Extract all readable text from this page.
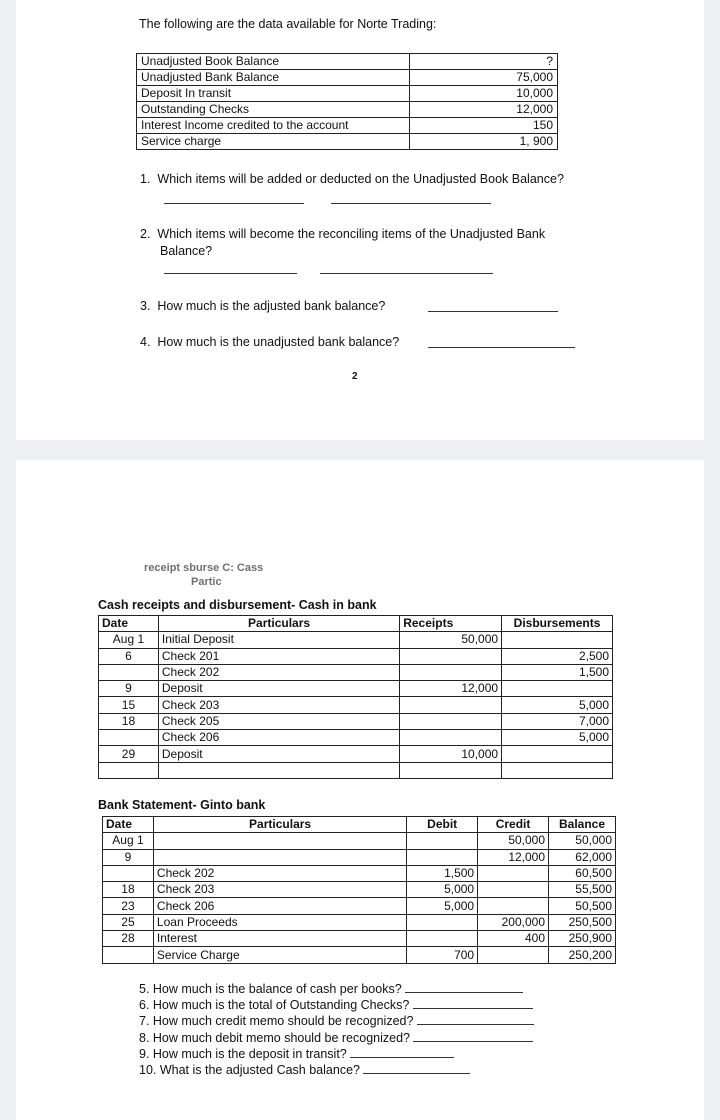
The following are the data available for Norte Trading:
Unadjusted Book Balance	?
Unadjusted Bank Balance	75,000
Deposit In transit	10,000
Outstanding Checks	12,000
Interest Income credited to the account	150
Service charge	1, 900
1. Which items will be added or deducted on the Unadjusted Book Balance?
2. Which items will become the reconciling items of the Unadjusted Bank
Balance?
3. How much is the adjusted bank balance?
4. How much is the unadjusted bank balance?
2
receipt sburse C: Cass
Partic
Cash receipts and disbursement- Cash in bank
Date	Particulars	Receipts	Disbursements
Aug 1	Initial Deposit	50,000	
6	Check 201		2,500
	Check 202		1,500
9	Deposit	12,000	
15	Check 203		5,000
18	Check 205		7,000
	Check 206		5,000
29	Deposit	10,000	

Bank Statement- Ginto bank
Date	Particulars	Debit	Credit	Balance
Aug 1			50,000	50,000
9			12,000	62,000
	Check 202	1,500		60,500
18	Check 203	5,000		55,500
23	Check 206	5,000		50,500
25	Loan Proceeds		200,000	250,500
28	Interest		400	250,900
	Service Charge	700		250,200
5. How much is the balance of cash per books?
6. How much is the total of Outstanding Checks?
7. How much credit memo should be recognized?
8. How much debit memo should be recognized?
9. How much is the deposit in transit?
10. What is the adjusted Cash balance?
